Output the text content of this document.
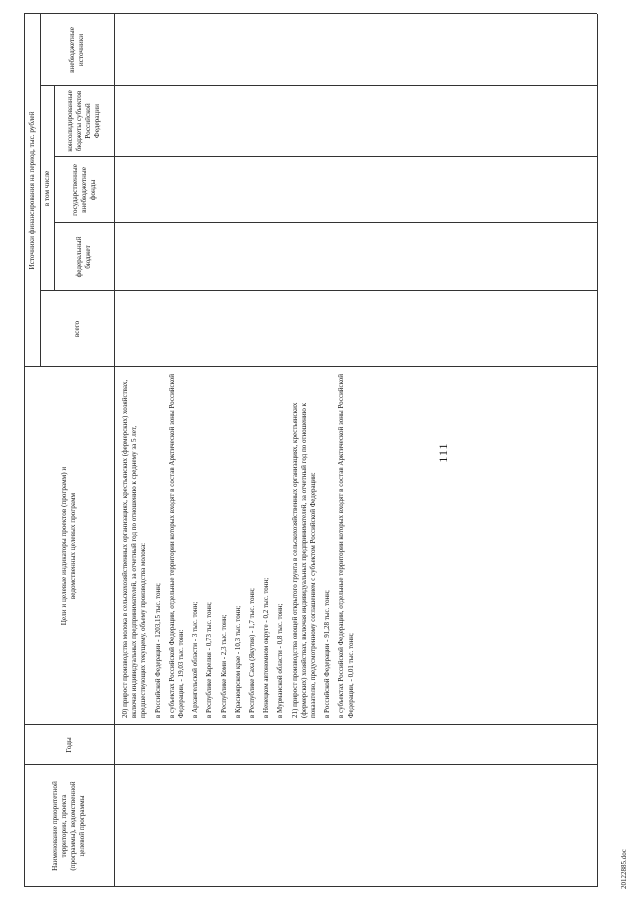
111
20122885.doc
Наименование приоритетной территории, проекта (программы), ведомственной целевой программы
Годы
Цели и целевые индикаторы проектов (программ) и ведомственных целевых программ
Источники финансирования на период, тыс. рублей
всего
в том числе
федеральный бюджет
государственные внебюджетные фонды
консолидированные бюджеты субъектов Российской Федерации
внебюджетные источники

20) прирост производства молока в сельскохозяйственных организациях, крестьянских (фермерских) хозяйствах, включая индивидуальных предпринимателей, за отчетный год по отношению к среднему за 5 лет, предшествующих текущему, объему производства молока: в Российской Федерации - 1203,15 тыс. тонн; в субъектах Российской Федерации, отдельные территории которых входят в состав Арктической зоны Российской Федерации, - 19,03 тыс. тонн: в Архангельской области - 3 тыс. тонн; в Республике Карелия - 0,73 тыс. тонн; в Республике Коми - 2,3 тыс. тонн; в Красноярском крае - 10,3 тыс. тонн; в Республике Саха (Якутия) - 1,7 тыс. тонн; в Ненецком автономном округе - 0,2 тыс. тонн; в Мурманской области - 0,8 тыс. тонн; 21) прирост производства овощей открытого грунта в сельскохозяйственных организациях, крестьянских (фермерских) хозяйствах, включая индивидуальных предпринимателей, за отчетный год по отношению к показателю, предусмотренному соглашением с субъектом Российской Федерации: в Российской Федерации - 91,28 тыс. тонн; в субъектах Российской Федерации, отдельные территории которых входят в состав Арктической зоны Российской Федерации, - 0,01 тыс. тонн;
